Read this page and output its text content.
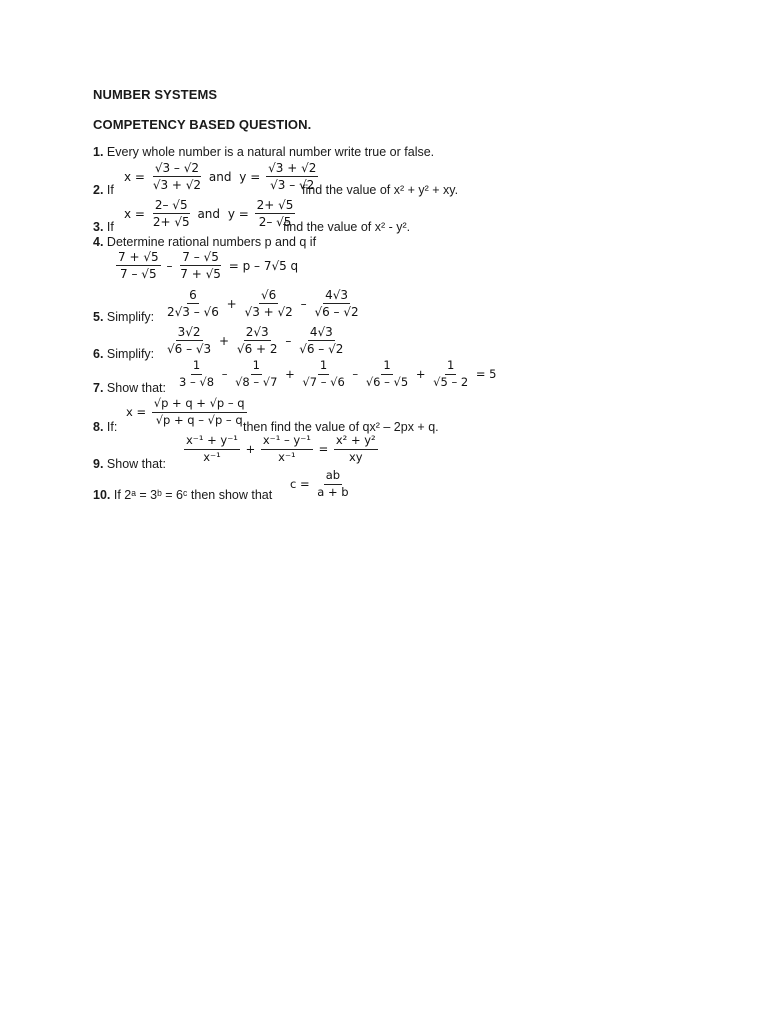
NUMBER SYSTEMS
COMPETENCY BASED QUESTION.
1. Every whole number is a natural number write true or false.
2. If
$x = \frac{√3 - √2}{√3 + √2}$ and $y = \frac{√3 + √2}{√3 - √2}$
find the value of x² + y² + xy.
3. If
$x = \frac{2- √5}{2+ √5}$ and $y = \frac{2+ √5}{2- √5}$
find the value of x² - y².
4. Determine rational numbers p and q if
$\frac{7 + √5}{7 - √5} - \frac{7 - √5}{7 + √5} = p - 7√5$ q
5. Simplify: $\frac{6}{2√3 - √6} + \frac{√6}{√3 + √2} - \frac{4√3}{√6 - √2}$
6. Simplify: $\frac{3√2}{√6 - √3} + \frac{2√3}{√6 + 2} - \frac{4√3}{√6 - √2}$
7. Show that: $\frac{1}{3 - √8} - \frac{1}{√8 - √7} + \frac{1}{√7 - √6} - \frac{1}{√6 - √5} + \frac{1}{√5 - 2} = 5$
8. If:
$x = \frac{√p + q + √p - q}{√p + q - √p - q}$
then find the value of qx² – 2px + q.
9. Show that:
$\frac{\text{x⁻¹ + y⁻¹}}{\text{x⁻¹}} + \frac{\text{x⁻¹ – y⁻¹}}{\text{x⁻¹}} = \frac{\text{x² + y²}}{xy}$
10. If 2ᵃ = 3ᵇ = 6ᶜ then show that
$c = \frac{ab}{a + b}$
